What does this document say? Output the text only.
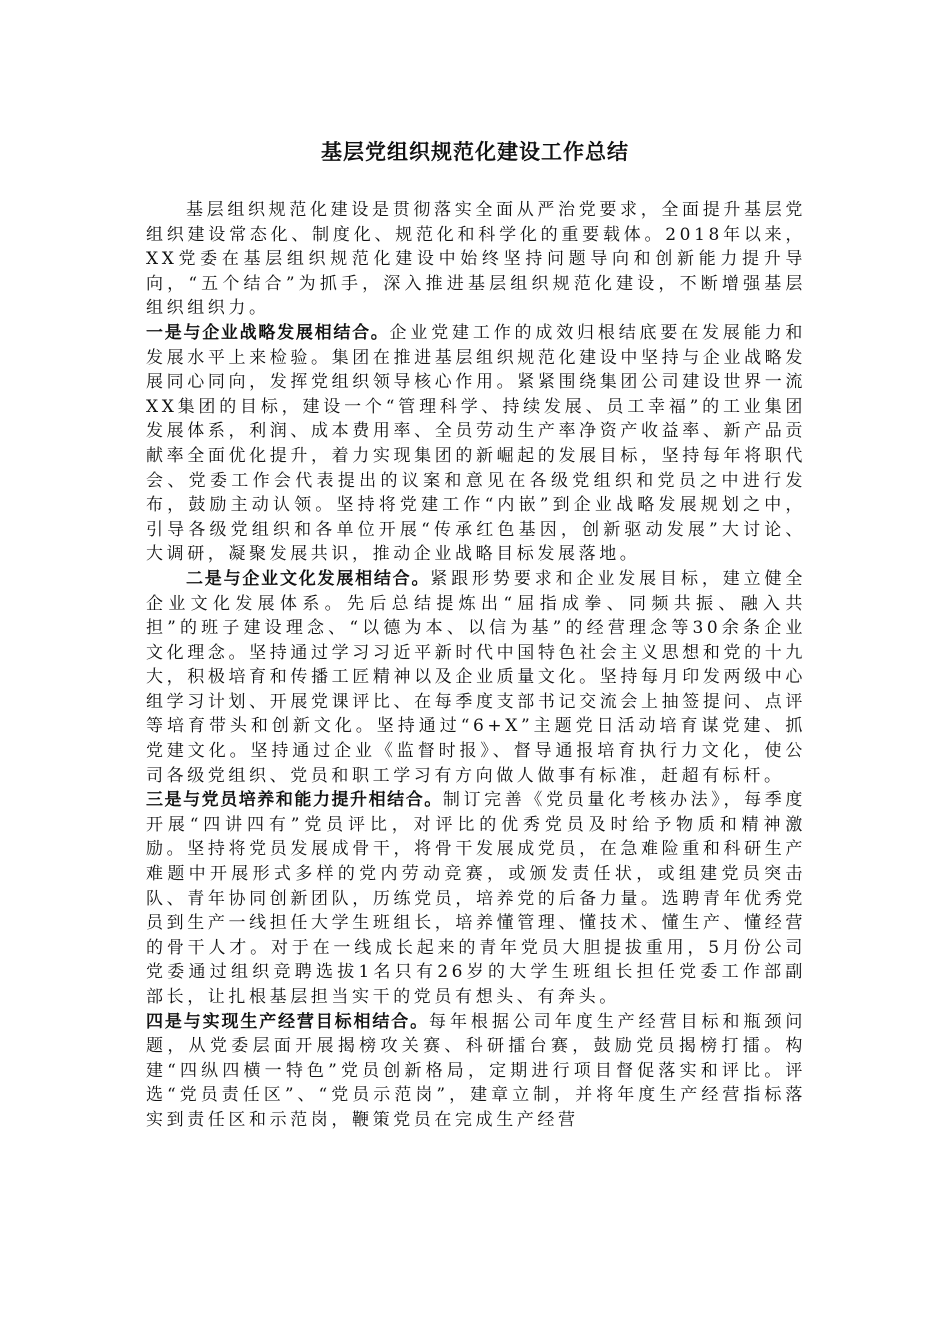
基层党组织规范化建设工作总结

基层组织规范化建设是贯彻落实全面从严治党要求，全面提升基层党组织建设常态化、制度化、规范化和科学化的重要载体。2018年以来，XX党委在基层组织规范化建设中始终坚持问题导向和创新能力提升导向，“五个结合”为抓手，深入推进基层组织规范化建设，不断增强基层组织组织力。

一是与企业战略发展相结合。企业党建工作的成效归根结底要在发展能力和发展水平上来检验。集团在推进基层组织规范化建设中坚持与企业战略发展同心同向，发挥党组织领导核心作用。紧紧围绕集团公司建设世界一流XX集团的目标，建设一个“管理科学、持续发展、员工幸福”的工业集团发展体系，利润、成本费用率、全员劳动生产率净资产收益率、新产品贡献率全面优化提升，着力实现集团的新崛起的发展目标，坚持每年将职代会、党委工作会代表提出的议案和意见在各级党组织和党员之中进行发布，鼓励主动认领。坚持将党建工作“内嵌”到企业战略发展规划之中，引导各级党组织和各单位开展“传承红色基因，创新驱动发展”大讨论、大调研，凝聚发展共识，推动企业战略目标发展落地。

二是与企业文化发展相结合。紧跟形势要求和企业发展目标，建立健全企业文化发展体系。先后总结提炼出“屈指成拳、同频共振、融入共担”的班子建设理念、“以德为本、以信为基”的经营理念等30余条企业文化理念。坚持通过学习习近平新时代中国特色社会主义思想和党的十九大，积极培育和传播工匠精神以及企业质量文化。坚持每月印发两级中心组学习计划、开展党课评比、在每季度支部书记交流会上抽签提问、点评等培育带头和创新文化。坚持通过“6+X”主题党日活动培育谋党建、抓党建文化。坚持通过企业《监督时报》、督导通报培育执行力文化，使公司各级党组织、党员和职工学习有方向做人做事有标准，赶超有标杆。

三是与党员培养和能力提升相结合。制订完善《党员量化考核办法》，每季度开展“四讲四有”党员评比，对评比的优秀党员及时给予物质和精神激励。坚持将党员发展成骨干，将骨干发展成党员，在急难险重和科研生产难题中开展形式多样的党内劳动竞赛，或颁发责任状，或组建党员突击队、青年协同创新团队，历练党员，培养党的后备力量。选聘青年优秀党员到生产一线担任大学生班组长，培养懂管理、懂技术、懂生产、懂经营的骨干人才。对于在一线成长起来的青年党员大胆提拔重用，5月份公司党委通过组织竞聘选拔1名只有26岁的大学生班组长担任党委工作部副部长，让扎根基层担当实干的党员有想头、有奔头。

四是与实现生产经营目标相结合。每年根据公司年度生产经营目标和瓶颈问题，从党委层面开展揭榜攻关赛、科研擂台赛，鼓励党员揭榜打擂。构建“四纵四横一特色”党员创新格局，定期进行项目督促落实和评比。评选“党员责任区”、“党员示范岗”，建章立制，并将年度生产经营指标落实到责任区和示范岗，鞭策党员在完成生产经营
